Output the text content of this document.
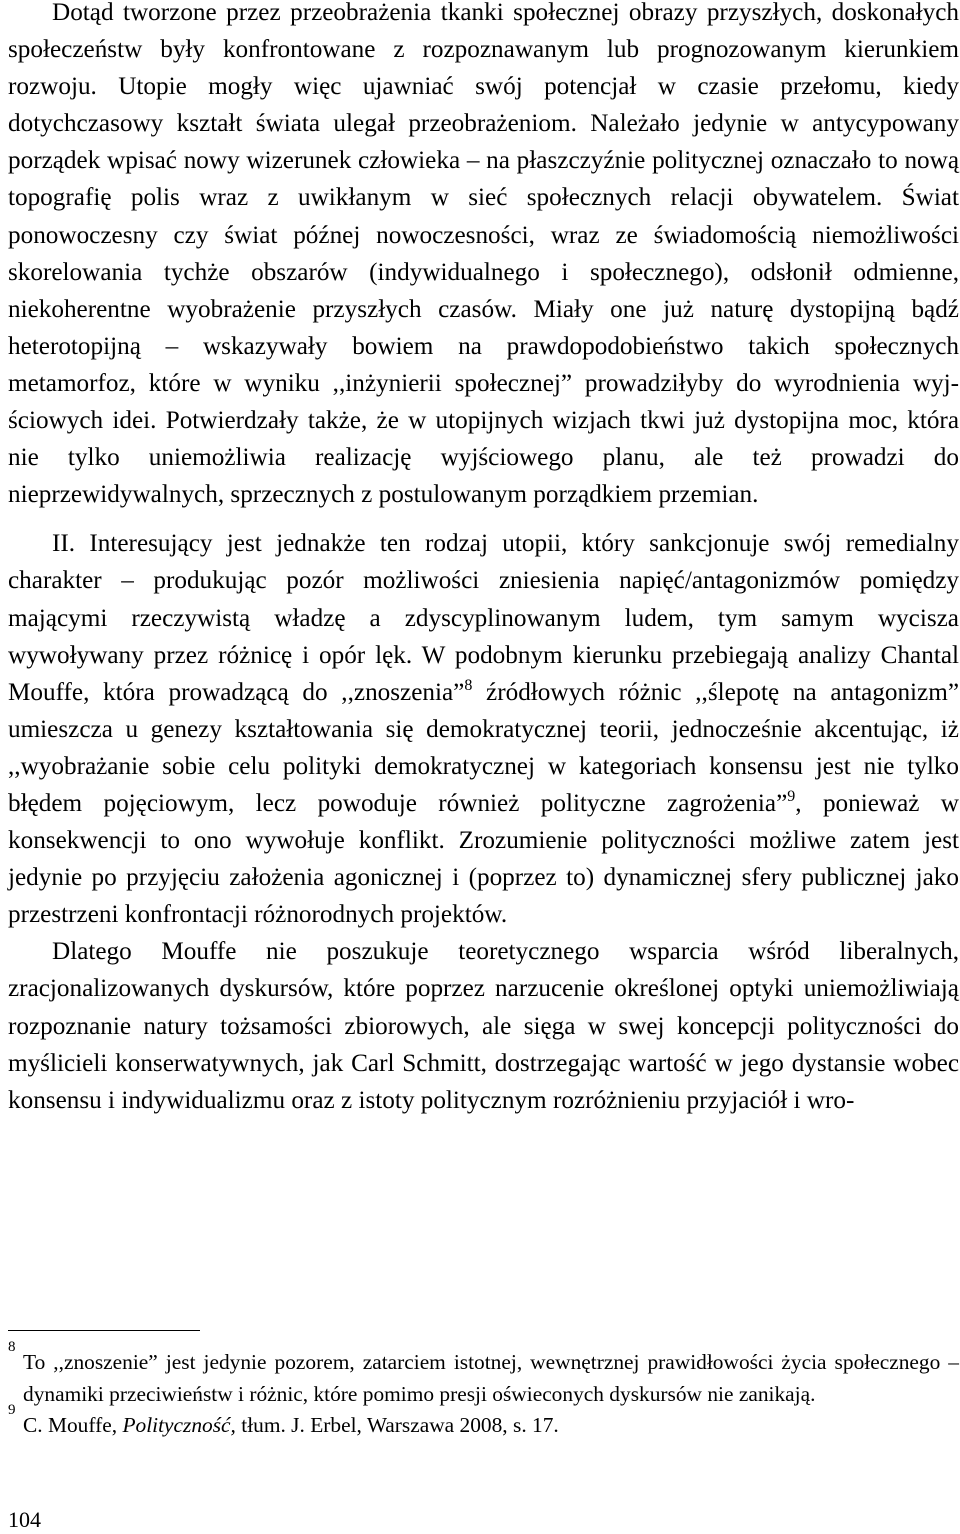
Dotąd tworzone przez przeobrażenia tkanki społecznej obrazy przyszłych, doskonałych społeczeństw były konfrontowane z rozpoznawanym lub prognozowanym kierunkiem rozwoju. Utopie mogły więc ujawniać swój potencjał w czasie przełomu, kiedy dotychczasowy kształt świata ulegał przeobrażeniom. Należało jedynie w antycypowany porządek wpisać nowy wizerunek człowieka – na płaszczyźnie politycznej oznaczało to nową topografię polis wraz z uwikłanym w sieć społecznych relacji obywatelem. Świat ponowoczesny czy świat późnej nowoczesności, wraz ze świadomością niemożliwości skorelowania tychże obszarów (indywidualnego i społecznego), odsłonił odmienne, niekoherentne wyobrażenie przyszłych czasów. Miały one już naturę dystopijną bądź heterotopijną – wskazywały bowiem na prawdopodobieństwo takich społecznych metamorfoz, które w wyniku ,,inżynierii społecznej” prowadziłyby do wyrodnienia wyjściowych idei. Potwierdzały także, że w utopijnych wizjach tkwi już dystopijna moc, która nie tylko uniemożliwia realizację wyjściowego planu, ale też prowadzi do nieprzewidywalnych, sprzecznych z postulowanym porządkiem przemian.

II. Interesujący jest jednakże ten rodzaj utopii, który sankcjonuje swój remedialny charakter – produkując pozór możliwości zniesienia napięć/antagonizmów pomiędzy mającymi rzeczywistą władzę a zdyscyplinowanym ludem, tym samym wycisza wywoływany przez różnicę i opór lęk. W podobnym kierunku przebiegają analizy Chantal Mouffe, która prowadzącą do ,,znoszenia”$^8$ źródłowych różnic ,,ślepotę na antagonizm” umieszcza u genezy kształtowania się demokratycznej teorii, jednocześnie akcentując, iż ,,wyobrażanie sobie celu polityki demokratycznej w kategoriach konsensu jest nie tylko błędem pojęciowym, lecz powoduje również polityczne zagrożenia”$^9$, ponieważ w konsekwencji to ono wywołuje konflikt. Zrozumienie polityczności możliwe zatem jest jedynie po przyjęciu założenia agonicznej i (poprzez to) dynamicznej sfery publicznej jako przestrzeni konfrontacji różnorodnych projektów.

Dlatego Mouffe nie poszukuje teoretycznego wsparcia wśród liberalnych, zracjonalizowanych dyskursów, które poprzez narzucenie określonej optyki uniemożliwiają rozpoznanie natury tożsamości zbiorowych, ale sięga w swej koncepcji polityczności do myślicieli konserwatywnych, jak Carl Schmitt, dostrzegając wartość w jego dystansie wobec konsensu i indywidualizmu oraz z istoty politycznym rozróżnieniu przyjaciół i wro-

8
To ,,znoszenie” jest jedynie pozorem, zatarciem istotnej, wewnętrznej prawidłowości życia społecznego – dynamiki przeciwieństw i różnic, które pomimo presji oświeconych dyskursów nie zanikają.
9
C. Mouffe, Polityczność, tłum. J. Erbel, Warszawa 2008, s. 17.
104
